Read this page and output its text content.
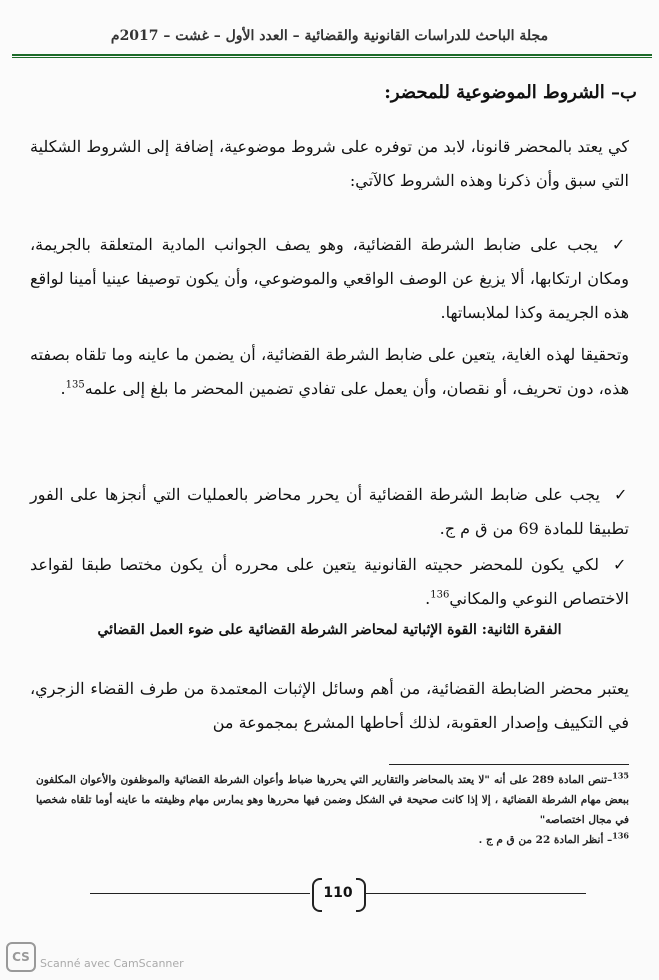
مجلة الباحث للدراسات القانونية والقضائية – العدد الأول – غشت – 2017م
ب– الشروط الموضوعية للمحضر:
كي يعتد بالمحضر قانونا، لابد من توفره على شروط موضوعية، إضافة إلى الشروط الشكلية التي سبق وأن ذكرنا وهذه الشروط كالآتي:
✓يجب على ضابط الشرطة القضائية، وهو يصف الجوانب المادية المتعلقة بالجريمة، ومكان ارتكابها، ألا يزيغ عن الوصف الواقعي والموضوعي، وأن يكون توصيفا عينيا أمينا لواقع هذه الجريمة وكذا لملابساتها.
وتحقيقا لهذه الغاية، يتعين على ضابط الشرطة القضائية، أن يضمن ما عاينه وما تلقاه بصفته هذه، دون تحريف، أو نقصان، وأن يعمل على تفادي تضمين المحضر ما بلغ إلى علمه$^{135}$.
✓يجب على ضابط الشرطة القضائية أن يحرر محاضر بالعمليات التي أنجزها على الفور تطبيقا للمادة 69 من ق م ج.
✓لكي يكون للمحضر حجيته القانونية يتعين على محرره أن يكون مختصا طبقا لقواعد الاختصاص النوعي والمكاني$^{136}$.
الفقرة الثانية: القوة الإثباتية لمحاضر الشرطة القضائية على ضوء العمل القضائي
يعتبر محضر الضابطة القضائية، من أهم وسائل الإثبات المعتمدة من طرف القضاء الزجري، في التكييف وإصدار العقوبة، لذلك أحاطها المشرع بمجموعة من
$^{135}$–تنص المادة 289 على أنه "لا يعتد بالمحاضر والتقارير التي يحررها ضباط وأعوان الشرطة القضائية والموظفون والأعوان المكلفون ببعض مهام الشرطة القضائية ، إلا إذا كانت صحيحة في الشكل وضمن فيها محررها وهو يمارس مهام وظيفته ما عاينه أوما تلقاه شخصيا في مجال اختصاصه"
$^{136}$– أنظر المادة 22 من ق م ج .
110
CS Scanné avec CamScanner
